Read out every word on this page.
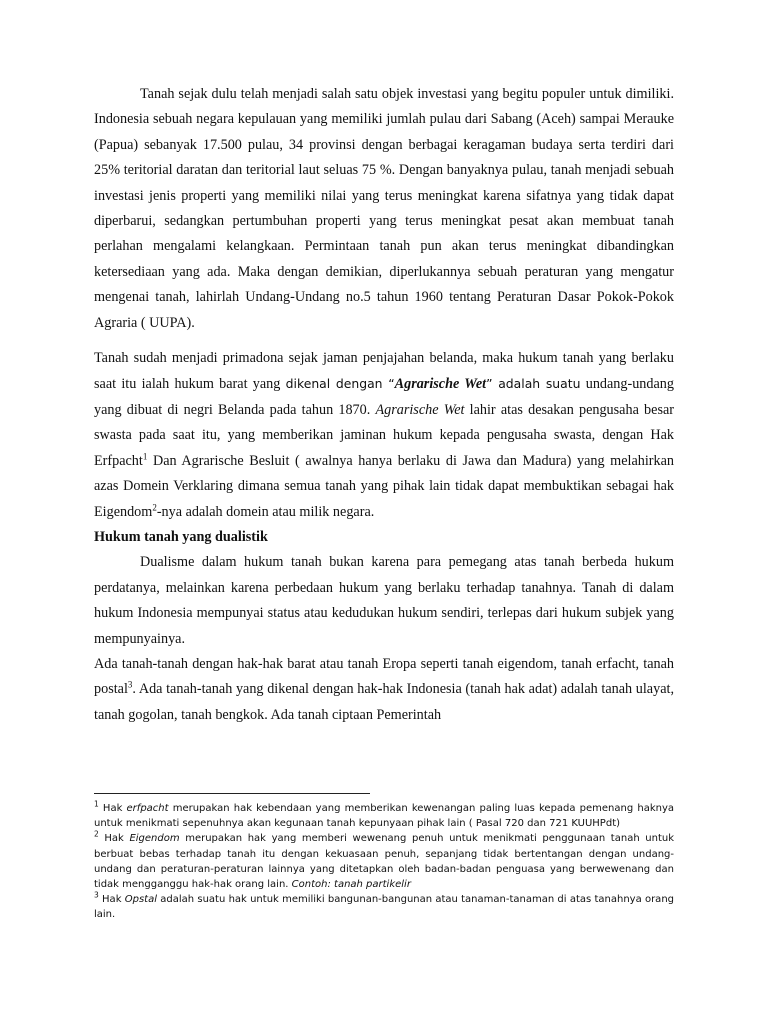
Tanah sejak dulu telah menjadi salah satu objek investasi yang begitu populer untuk dimiliki. Indonesia sebuah negara kepulauan yang memiliki jumlah pulau dari Sabang (Aceh) sampai Merauke (Papua) sebanyak 17.500 pulau, 34 provinsi dengan berbagai keragaman budaya serta terdiri dari 25% teritorial daratan dan teritorial laut seluas 75 %. Dengan banyaknya pulau, tanah menjadi sebuah investasi jenis properti yang memiliki nilai yang terus meningkat karena sifatnya yang tidak dapat diperbarui, sedangkan pertumbuhan properti yang terus meningkat pesat akan membuat tanah perlahan mengalami kelangkaan. Permintaan tanah pun akan terus meningkat dibandingkan ketersediaan yang ada. Maka dengan demikian, diperlukannya sebuah peraturan yang mengatur mengenai tanah, lahirlah Undang-Undang no.5 tahun 1960 tentang Peraturan Dasar Pokok-Pokok Agraria ( UUPA).

Tanah sudah menjadi primadona sejak jaman penjajahan belanda, maka hukum tanah yang berlaku saat itu ialah hukum barat yang dikenal dengan “Agrarische Wet” adalah suatu undang-undang yang dibuat di negri Belanda pada tahun 1870. Agrarische Wet lahir atas desakan pengusaha besar swasta pada saat itu, yang memberikan jaminan hukum kepada pengusaha swasta, dengan Hak Erfpacht$^1$ Dan Agrarische Besluit ( awalnya hanya berlaku di Jawa dan Madura) yang melahirkan azas Domein Verklaring dimana semua tanah yang pihak lain tidak dapat membuktikan sebagai hak Eigendom$^2$-nya adalah domein atau milik negara.

Hukum tanah yang dualistik

Dualisme dalam hukum tanah bukan karena para pemegang atas tanah berbeda hukum perdatanya, melainkan karena perbedaan hukum yang berlaku terhadap tanahnya. Tanah di dalam hukum Indonesia mempunyai status atau kedudukan hukum sendiri, terlepas dari hukum subjek yang mempunyainya.

Ada tanah-tanah dengan hak-hak barat atau tanah Eropa seperti tanah eigendom, tanah erfacht, tanah postal$^3$. Ada tanah-tanah yang dikenal dengan hak-hak Indonesia (tanah hak adat) adalah tanah ulayat, tanah gogolan, tanah bengkok. Ada tanah ciptaan Pemerintah

$^1$ Hak erfpacht merupakan hak kebendaan yang memberikan kewenangan paling luas kepada pemenang haknya untuk menikmati sepenuhnya akan kegunaan tanah kepunyaan pihak lain ( Pasal 720 dan 721 KUUHPdt)

$^2$ Hak Eigendom merupakan hak yang memberi wewenang penuh untuk menikmati penggunaan tanah untuk berbuat bebas terhadap tanah itu dengan kekuasaan penuh, sepanjang tidak bertentangan dengan undang-undang dan peraturan-peraturan lainnya yang ditetapkan oleh badan-badan penguasa yang berwewenang dan tidak mengganggu hak-hak orang lain. Contoh: tanah partikelir

$^3$ Hak Opstal adalah suatu hak untuk memiliki bangunan-bangunan atau tanaman-tanaman di atas tanahnya orang lain.
